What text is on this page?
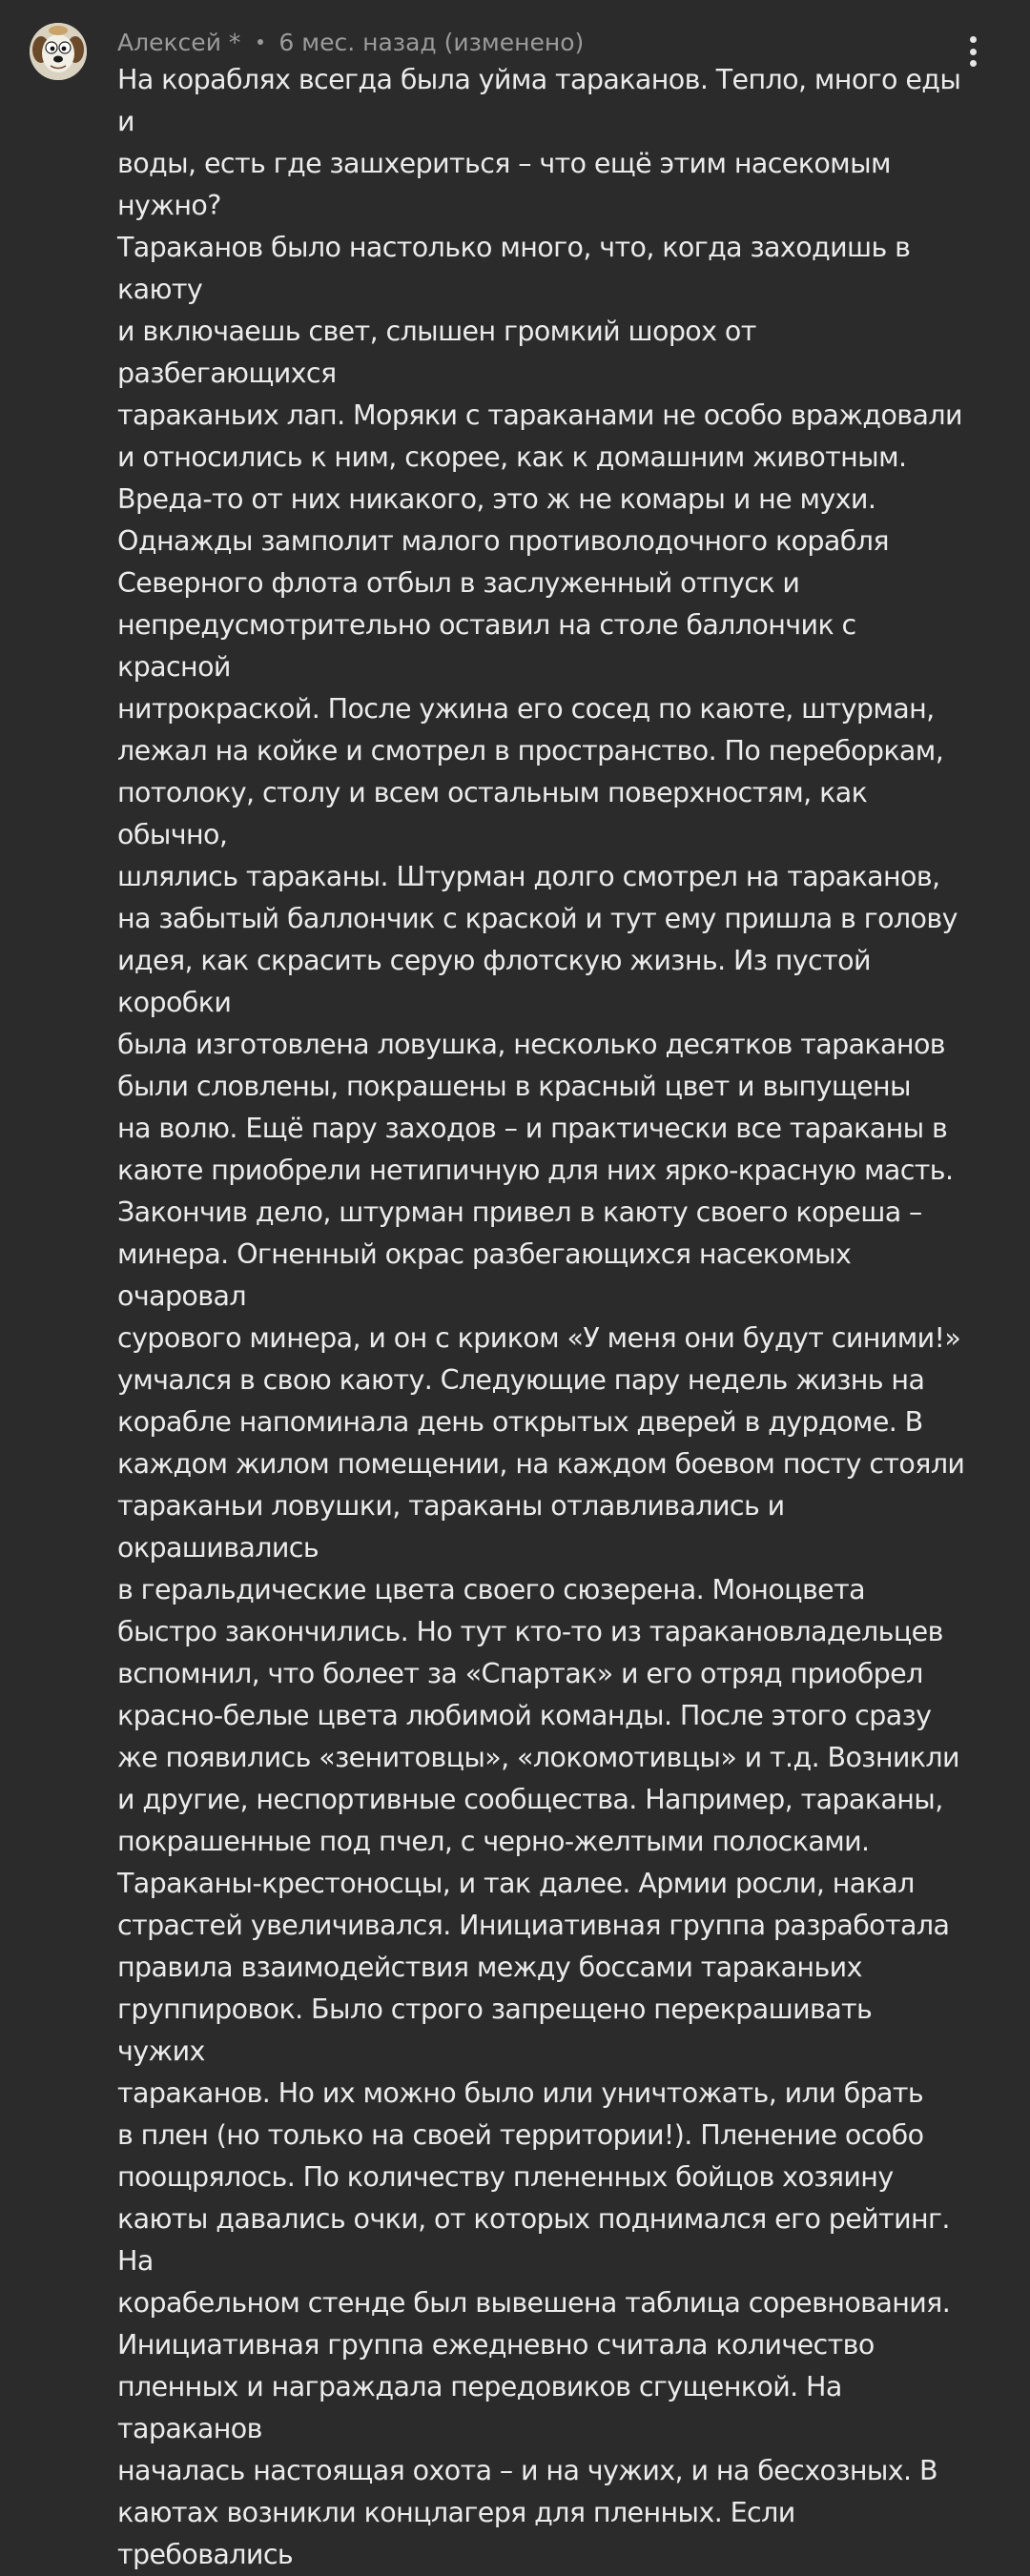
Алексей * 6 мес. назад (изменено)

На кораблях всегда была уйма тараканов. Тепло, много еды и
воды, есть где зашхериться – что ещё этим насекомым нужно?
Тараканов было настолько много, что, когда заходишь в каюту
и включаешь свет, слышен громкий шорох от разбегающихся
тараканьих лап. Моряки с тараканами не особо враждовали
и относились к ним, скорее, как к домашним животным.
Вреда-то от них никакого, это ж не комары и не мухи.
Однажды замполит малого противолодочного корабля
Северного флота отбыл в заслуженный отпуск и
непредусмотрительно оставил на столе баллончик с красной
нитрокраской. После ужина его сосед по каюте, штурман,
лежал на койке и смотрел в пространство. По переборкам,
потолоку, столу и всем остальным поверхностям, как обычно,
шлялись тараканы. Штурман долго смотрел на тараканов,
на забытый баллончик с краской и тут ему пришла в голову
идея, как скрасить серую флотскую жизнь. Из пустой коробки
была изготовлена ловушка, несколько десятков тараканов
были словлены, покрашены в красный цвет и выпущены
на волю. Ещё пару заходов – и практически все тараканы в
каюте приобрели нетипичную для них ярко-красную масть.
Закончив дело, штурман привел в каюту своего кореша –
минера. Огненный окрас разбегающихся насекомых очаровал
сурового минера, и он с криком «У меня они будут синими!»
умчался в свою каюту. Следующие пару недель жизнь на
корабле напоминала день открытых дверей в дурдоме. В
каждом жилом помещении, на каждом боевом посту стояли
тараканьи ловушки, тараканы отлавливались и окрашивались
в геральдические цвета своего сюзерена. Моноцвета
быстро закончились. Но тут кто-то из таракановладельцев
вспомнил, что болеет за «Спартак» и его отряд приобрел
красно-белые цвета любимой команды. После этого сразу
же появились «зенитовцы», «локомотивцы» и т.д. Возникли
и другие, неспортивные сообщества. Например, тараканы,
покрашенные под пчел, с черно-желтыми полосками.
Тараканы-крестоносцы, и так далее. Армии росли, накал
страстей увеличивался. Инициативная группа разработала
правила взаимодействия между боссами тараканьих
группировок. Было строго запрещено перекрашивать чужих
тараканов. Но их можно было или уничтожать, или брать
в плен (но только на своей территории!). Пленение особо
поощрялось. По количеству плененных бойцов хозяину
каюты давались очки, от которых поднимался его рейтинг. На
корабельном стенде был вывешена таблица соревнования.
Инициативная группа ежедневно считала количество
пленных и награждала передовиков сгущенкой. На тараканов
началась настоящая охота – и на чужих, и на бесхозных. В
каютах возникли концлагеря для пленных. Если требовались
